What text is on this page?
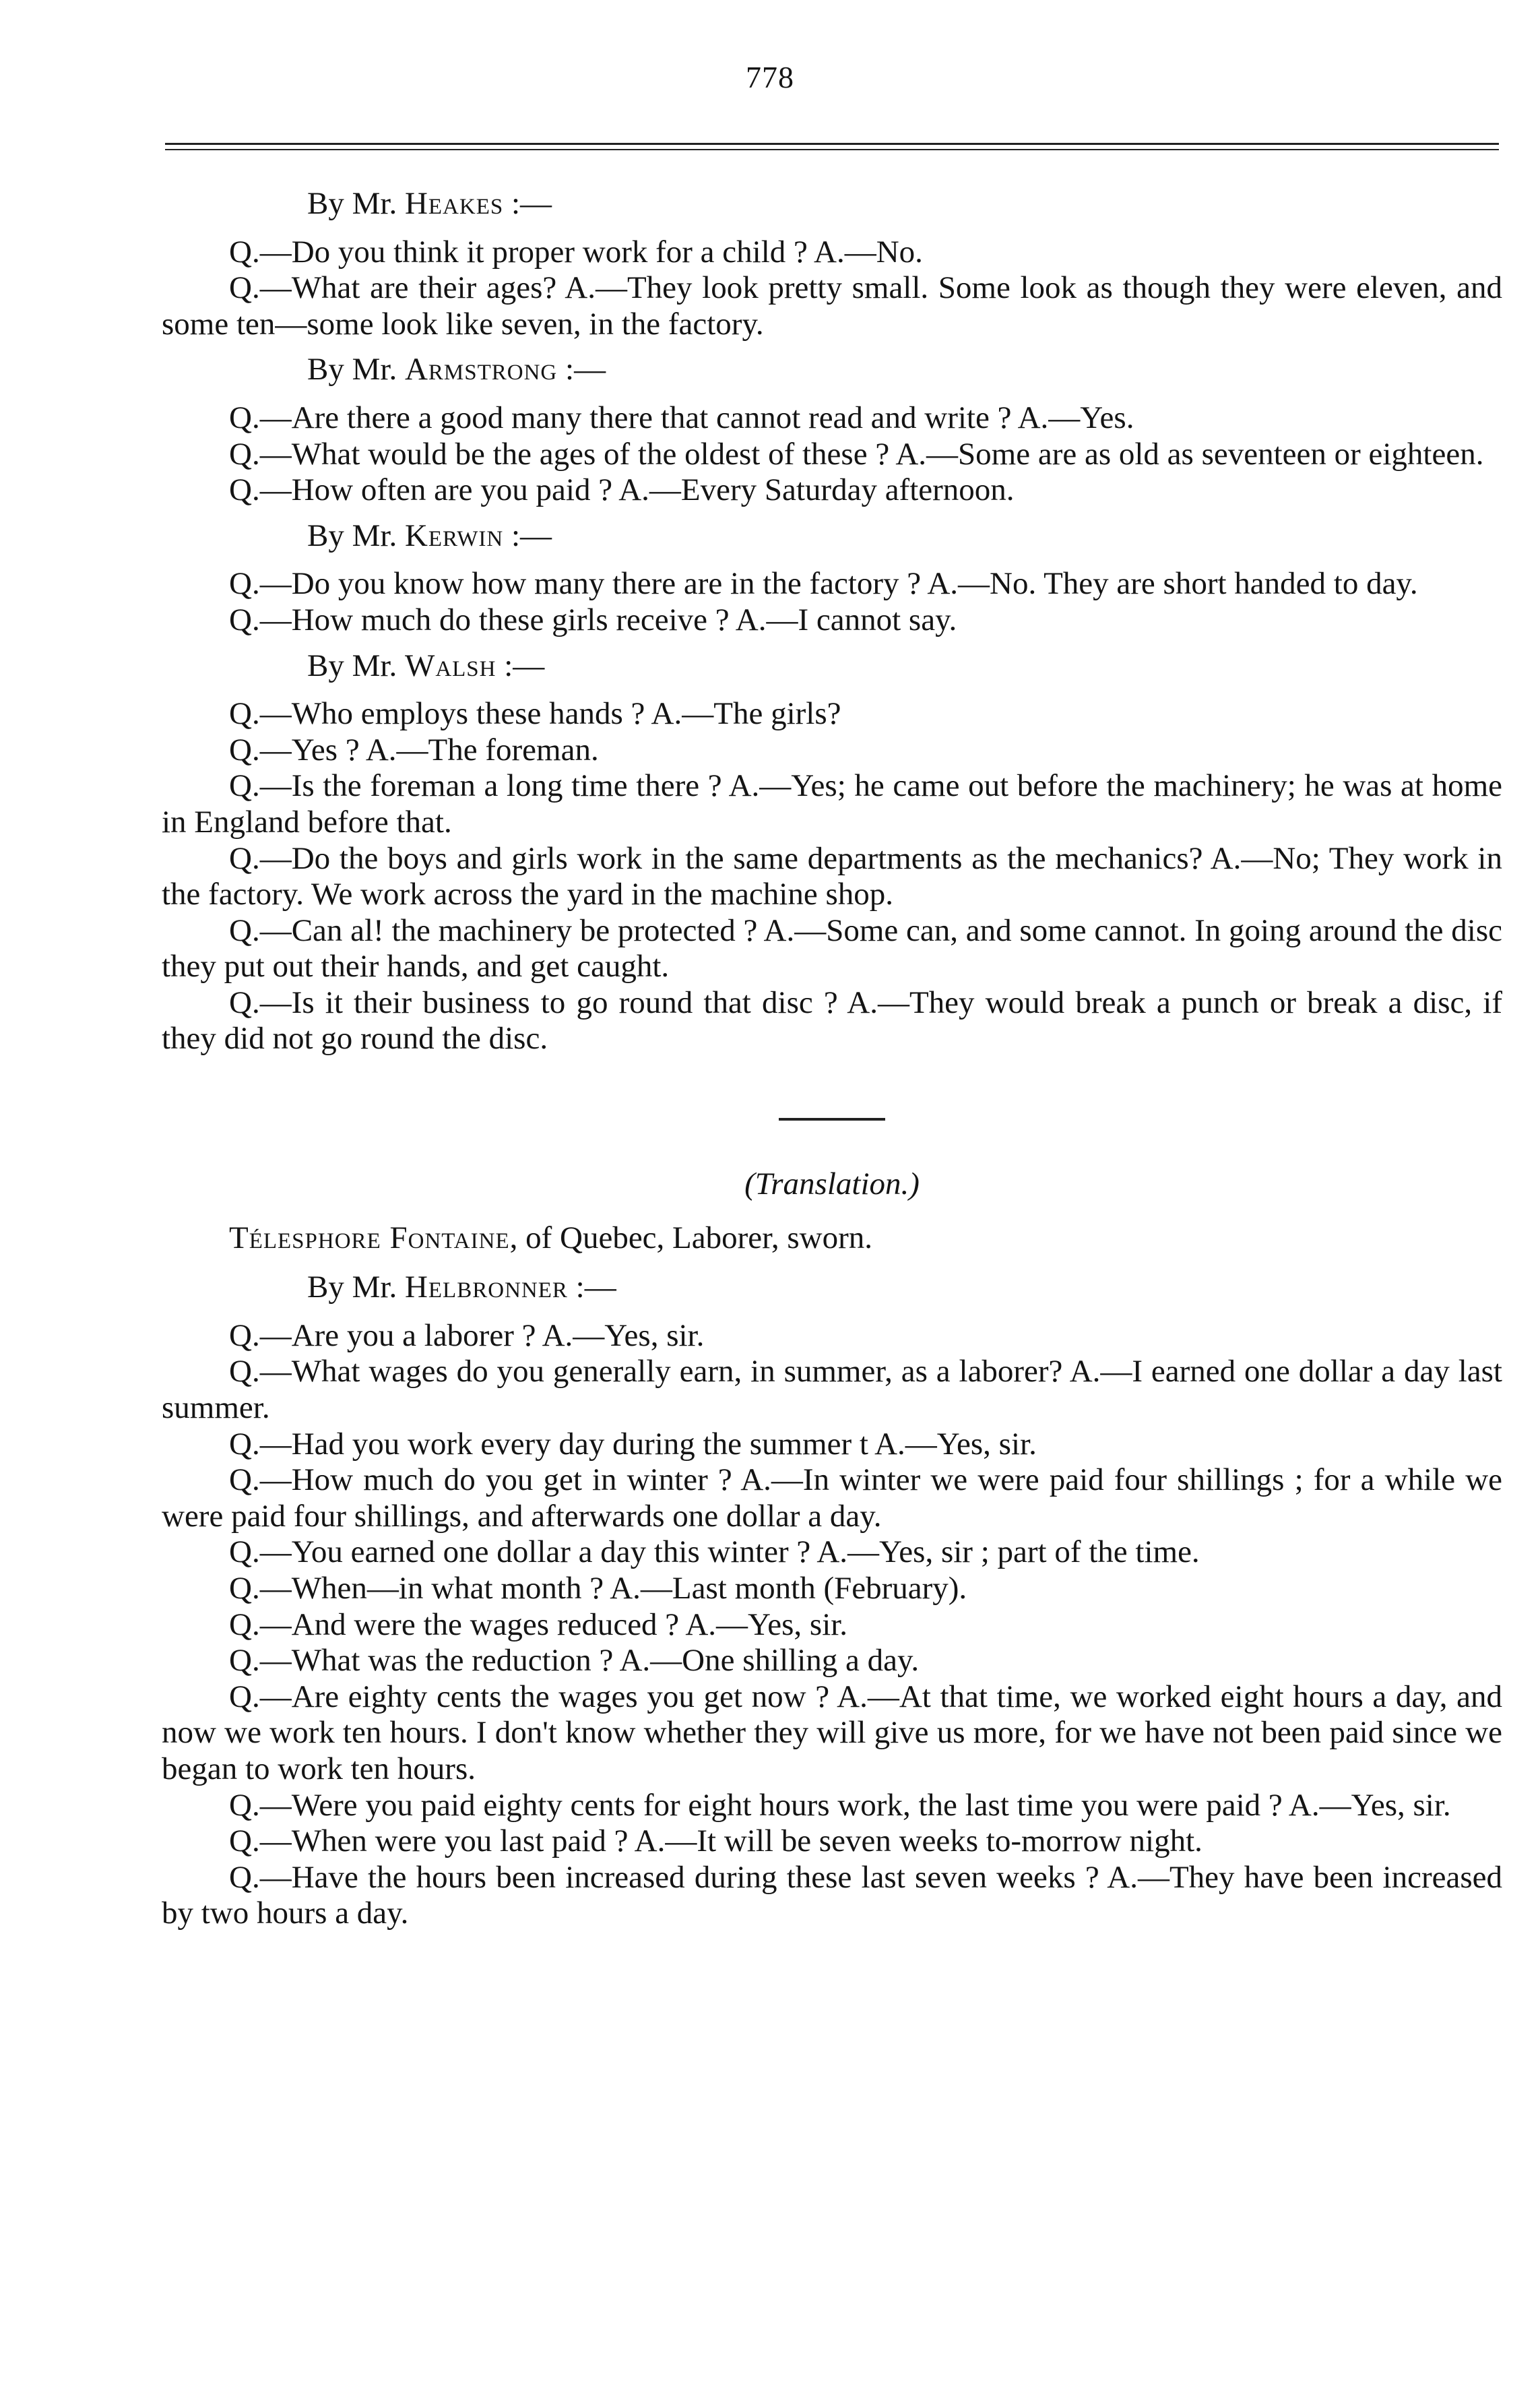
778
By Mr. Heakes :—

Q.—Do you think it proper work for a child ? A.—No.

Q.—What are their ages? A.—They look pretty small. Some look as though they were eleven, and some ten—some look like seven, in the factory.

By Mr. Armstrong :—

Q.—Are there a good many there that cannot read and write ? A.—Yes.

Q.—What would be the ages of the oldest of these ? A.—Some are as old as seventeen or eighteen.

Q.—How often are you paid ? A.—Every Saturday afternoon.

By Mr. Kerwin :—

Q.—Do you know how many there are in the factory ? A.—No. They are short handed to day.

Q.—How much do these girls receive ? A.—I cannot say.

By Mr. Walsh :—

Q.—Who employs these hands ? A.—The girls?

Q.—Yes ? A.—The foreman.

Q.—Is the foreman a long time there ? A.—Yes; he came out before the machinery; he was at home in England before that.

Q.—Do the boys and girls work in the same departments as the mechanics? A.—No; They work in the factory. We work across the yard in the machine shop.

Q.—Can al! the machinery be protected ? A.—Some can, and some cannot. In going around the disc they put out their hands, and get caught.

Q.—Is it their business to go round that disc ? A.—They would break a punch or break a disc, if they did not go round the disc.

(Translation.)
Télesphore Fontaine, of Quebec, Laborer, sworn.
By Mr. Helbronner :—

Q.—Are you a laborer ? A.—Yes, sir.

Q.—What wages do you generally earn, in summer, as a laborer? A.—I earned one dollar a day last summer.

Q.—Had you work every day during the summer t A.—Yes, sir.

Q.—How much do you get in winter ? A.—In winter we were paid four shillings ; for a while we were paid four shillings, and afterwards one dollar a day.

Q.—You earned one dollar a day this winter ? A.—Yes, sir ; part of the time.

Q.—When—in what month ? A.—Last month (February).

Q.—And were the wages reduced ? A.—Yes, sir.

Q.—What was the reduction ? A.—One shilling a day.

Q.—Are eighty cents the wages you get now ? A.—At that time, we worked eight hours a day, and now we work ten hours. I don't know whether they will give us more, for we have not been paid since we began to work ten hours.

Q.—Were you paid eighty cents for eight hours work, the last time you were paid ? A.—Yes, sir.

Q.—When were you last paid ? A.—It will be seven weeks to-morrow night.

Q.—Have the hours been increased during these last seven weeks ? A.—They have been increased by two hours a day.
